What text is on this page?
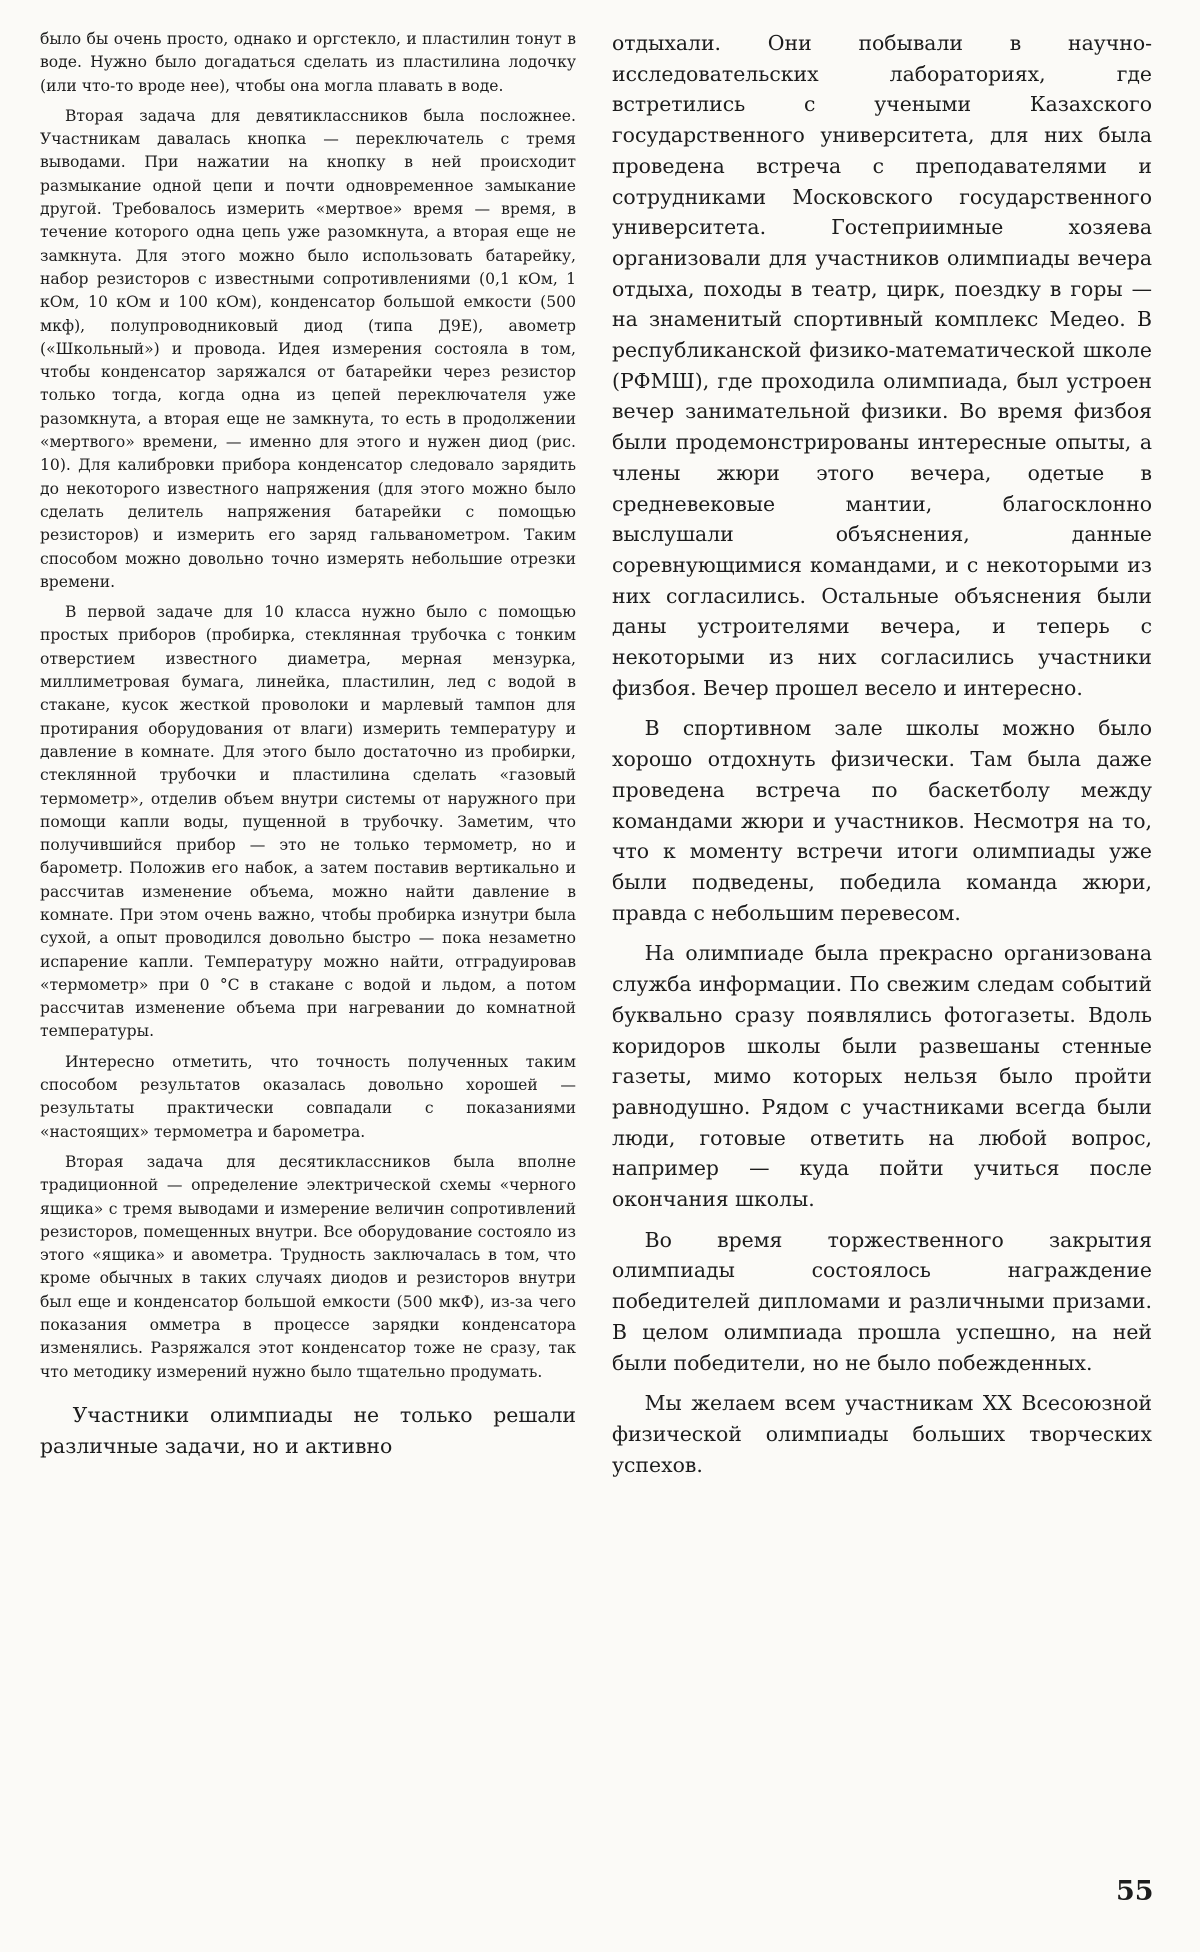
было бы очень просто, однако и оргстекло, и пластилин тонут в воде. Нужно было догадаться сделать из пластилина лодочку (или что-то вроде нее), чтобы она могла плавать в воде.

Вторая задача для девятиклассников была посложнее. Участникам давалась кнопка — переключатель с тремя выводами. При нажатии на кнопку в ней происходит размыкание одной цепи и почти одновременное замыкание другой. Требовалось измерить «мертвое» время — время, в течение которого одна цепь уже разомкнута, а вторая еще не замкнута. Для этого можно было использовать батарейку, набор резисторов с известными сопротивлениями (0,1 кОм, 1 кОм, 10 кОм и 100 кОм), конденсатор большой емкости (500 мкф), полупроводниковый диод (типа Д9Е), авометр («Школьный») и провода. Идея измерения состояла в том, чтобы конденсатор заряжался от батарейки через резистор только тогда, когда одна из цепей переключателя уже разомкнута, а вторая еще не замкнута, то есть в продолжении «мертвого» времени, — именно для этого и нужен диод (рис. 10). Для калибровки прибора конденсатор следовало зарядить до некоторого известного напряжения (для этого можно было сделать делитель напряжения батарейки с помощью резисторов) и измерить его заряд гальванометром. Таким способом можно довольно точно измерять небольшие отрезки времени.

В первой задаче для 10 класса нужно было с помощью простых приборов (пробирка, стеклянная трубочка с тонким отверстием известного диаметра, мерная мензурка, миллиметровая бумага, линейка, пластилин, лед с водой в стакане, кусок жесткой проволоки и марлевый тампон для протирания оборудования от влаги) измерить температуру и давление в комнате. Для этого было достаточно из пробирки, стеклянной трубочки и пластилина сделать «газовый термометр», отделив объем внутри системы от наружного при помощи капли воды, пущенной в трубочку. Заметим, что получившийся прибор — это не только термометр, но и барометр. Положив его набок, а затем поставив вертикально и рассчитав изменение объема, можно найти давление в комнате. При этом очень важно, чтобы пробирка изнутри была сухой, а опыт проводился довольно быстро — пока незаметно испарение капли. Температуру можно найти, отградуировав «термометр» при 0 °С в стакане с водой и льдом, а потом рассчитав изменение объема при нагревании до комнатной температуры.

Интересно отметить, что точность полученных таким способом результатов оказалась довольно хорошей — результаты практически совпадали с показаниями «настоящих» термометра и барометра.

Вторая задача для десятиклассников была вполне традиционной — определение электрической схемы «черного ящика» с тремя выводами и измерение величин сопротивлений резисторов, помещенных внутри. Все оборудование состояло из этого «ящика» и авометра. Трудность заключалась в том, что кроме обычных в таких случаях диодов и резисторов внутри был еще и конденсатор большой емкости (500 мкФ), из-за чего показания омметра в процессе зарядки конденсатора изменялись. Разряжался этот конденсатор тоже не сразу, так что методику измерений нужно было тщательно продумать.

Участники олимпиады не только решали различные задачи, но и активно

отдыхали. Они побывали в научно-исследовательских лабораториях, где встретились с учеными Казахского государственного университета, для них была проведена встреча с преподавателями и сотрудниками Московского государственного университета. Гостеприимные хозяева организовали для участников олимпиады вечера отдыха, походы в театр, цирк, поездку в горы — на знаменитый спортивный комплекс Медео. В республиканской физико-математической школе (РФМШ), где проходила олимпиада, был устроен вечер занимательной физики. Во время физбоя были продемонстрированы интересные опыты, а члены жюри этого вечера, одетые в средневековые мантии, благосклонно выслушали объяснения, данные соревнующимися командами, и с некоторыми из них согласились. Остальные объяснения были даны устроителями вечера, и теперь с некоторыми из них согласились участники физбоя. Вечер прошел весело и интересно.

В спортивном зале школы можно было хорошо отдохнуть физически. Там была даже проведена встреча по баскетболу между командами жюри и участников. Несмотря на то, что к моменту встречи итоги олимпиады уже были подведены, победила команда жюри, правда с небольшим перевесом.

На олимпиаде была прекрасно организована служба информации. По свежим следам событий буквально сразу появлялись фотогазеты. Вдоль коридоров школы были развешаны стенные газеты, мимо которых нельзя было пройти равнодушно. Рядом с участниками всегда были люди, готовые ответить на любой вопрос, например — куда пойти учиться после окончания школы.

Во время торжественного закрытия олимпиады состоялось награждение победителей дипломами и различными призами. В целом олимпиада прошла успешно, на ней были победители, но не было побежденных.

Мы желаем всем участникам XX Всесоюзной физической олимпиады больших творческих успехов.

55
